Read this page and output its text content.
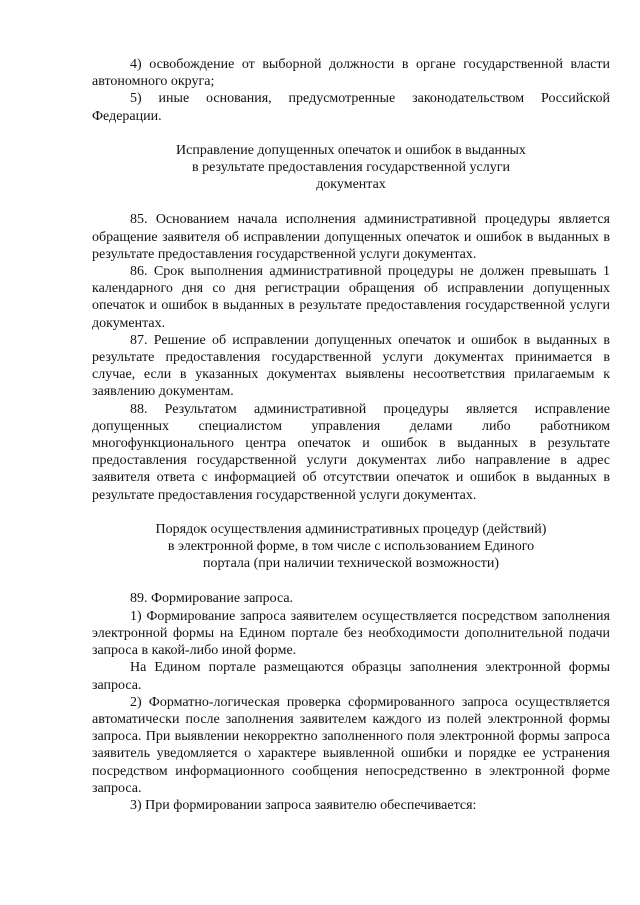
4) освобождение от выборной должности в органе государственной власти автономного округа;

5) иные основания, предусмотренные законодательством Российской Федерации.

Исправление допущенных опечаток и ошибок в выданных
в результате предоставления государственной услуги
документах

85. Основанием начала исполнения административной процедуры является обращение заявителя об исправлении допущенных опечаток и ошибок в выданных в результате предоставления государственной услуги документах.

86. Срок выполнения административной процедуры не должен превышать 1 календарного дня со дня регистрации обращения об исправлении допущенных опечаток и ошибок в выданных в результате предоставления государственной услуги документах.

87. Решение об исправлении допущенных опечаток и ошибок в выданных в результате предоставления государственной услуги документах принимается в случае, если в указанных документах выявлены несоответствия прилагаемым к заявлению документам.

88. Результатом административной процедуры является исправление допущенных специалистом управления делами либо работником многофункционального центра опечаток и ошибок в выданных в результате предоставления государственной услуги документах либо направление в адрес заявителя ответа с информацией об отсутствии опечаток и ошибок в выданных в результате предоставления государственной услуги документах.

Порядок осуществления административных процедур (действий)
в электронной форме, в том числе с использованием Единого
портала (при наличии технической возможности)

89. Формирование запроса.

1) Формирование запроса заявителем осуществляется посредством заполнения электронной формы на Едином портале без необходимости дополнительной подачи запроса в какой-либо иной форме.

На Едином портале размещаются образцы заполнения электронной формы запроса.

2) Форматно-логическая проверка сформированного запроса осуществляется автоматически после заполнения заявителем каждого из полей электронной формы запроса. При выявлении некорректно заполненного поля электронной формы запроса заявитель уведомляется о характере выявленной ошибки и порядке ее устранения посредством информационного сообщения непосредственно в электронной форме запроса.

3) При формировании запроса заявителю обеспечивается:
